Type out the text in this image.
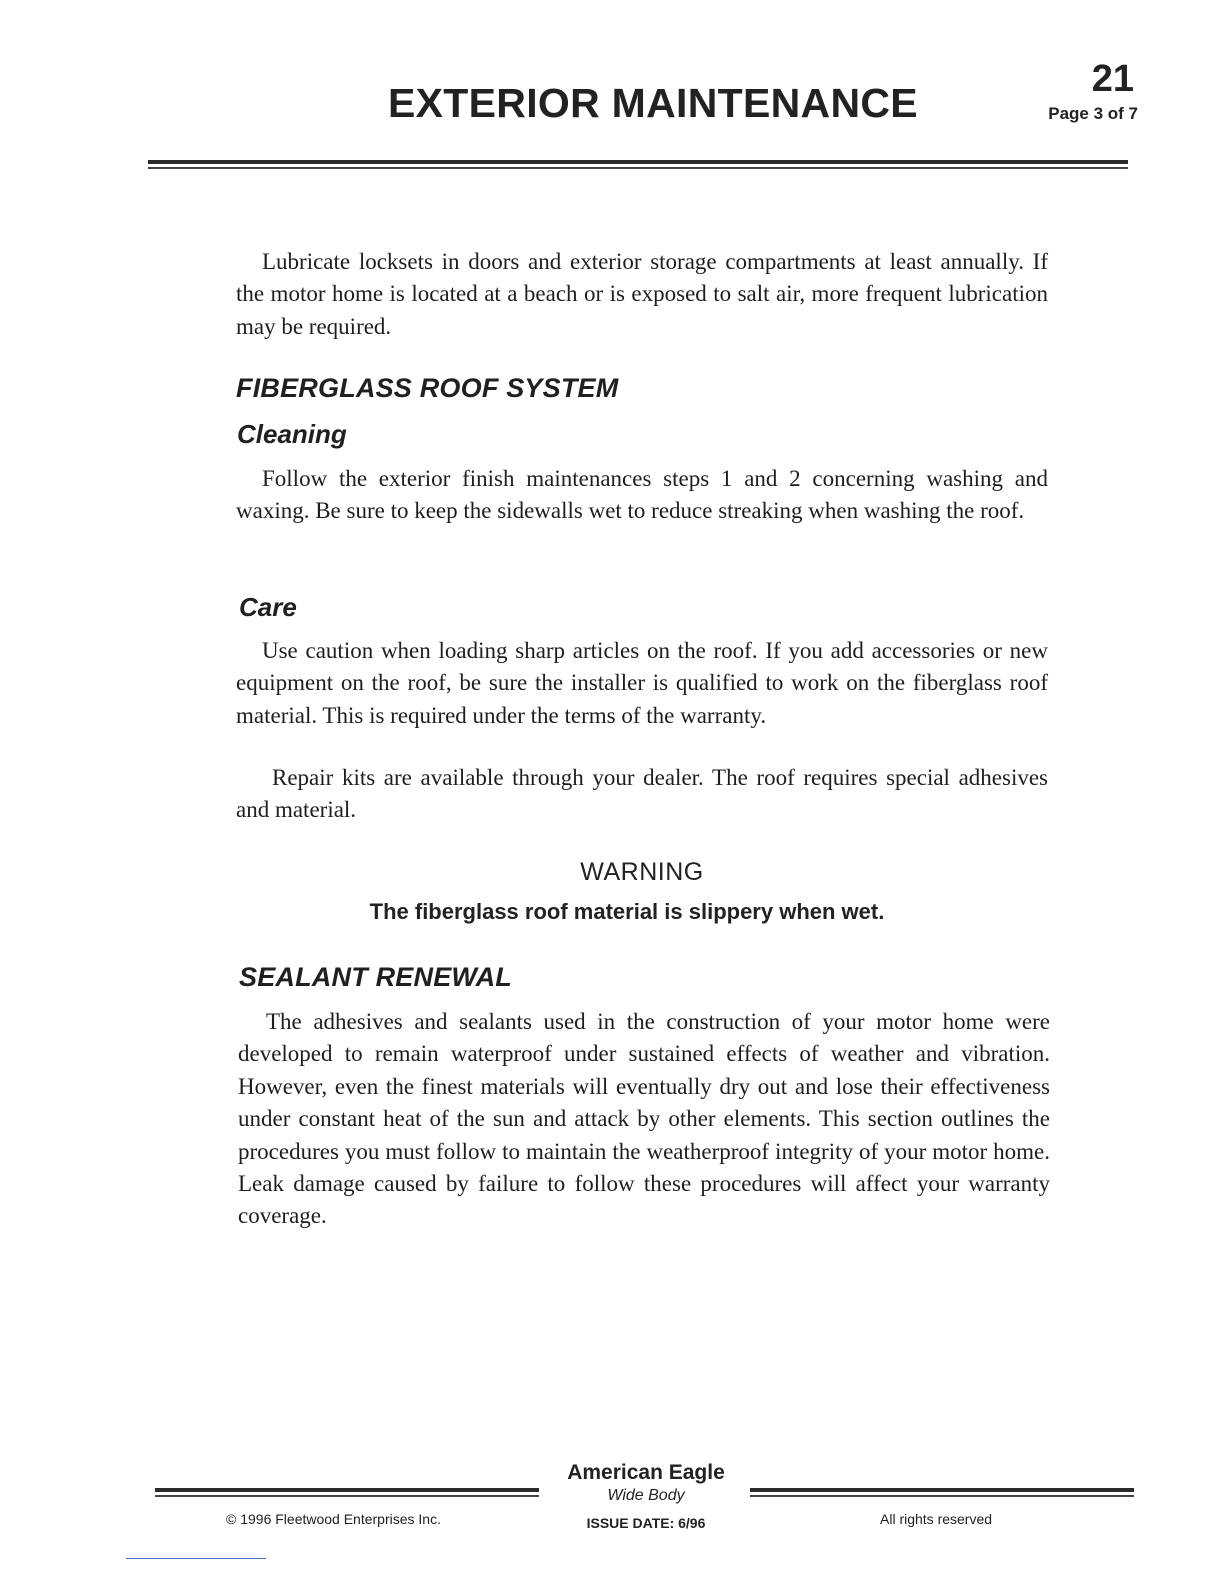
EXTERIOR MAINTENANCE
21
Page 3 of 7

Lubricate locksets in doors and exterior storage compartments at least annually. If the motor home is located at a beach or is exposed to salt air, more frequent lubrication may be required.

FIBERGLASS ROOF SYSTEM
Cleaning

Follow the exterior finish maintenances steps 1 and 2 concerning washing and waxing. Be sure to keep the sidewalls wet to reduce streaking when washing the roof.

Care

Use caution when loading sharp articles on the roof. If you add accessories or new equipment on the roof, be sure the installer is qualified to work on the fiberglass roof material. This is required under the terms of the warranty.

Repair kits are available through your dealer. The roof requires special adhesives and material.

WARNING
The fiberglass roof material is slippery when wet.
SEALANT RENEWAL

The adhesives and sealants used in the construction of your motor home were developed to remain waterproof under sustained effects of weather and vibration. However, even the finest materials will eventually dry out and lose their effectiveness under constant heat of the sun and attack by other elements. This section outlines the procedures you must follow to maintain the weatherproof integrity of your motor home. Leak damage caused by failure to follow these procedures will affect your warranty coverage.

American Eagle
Wide Body
ISSUE DATE: 6/96
© 1996 Fleetwood Enterprises Inc.	All rights reserved
